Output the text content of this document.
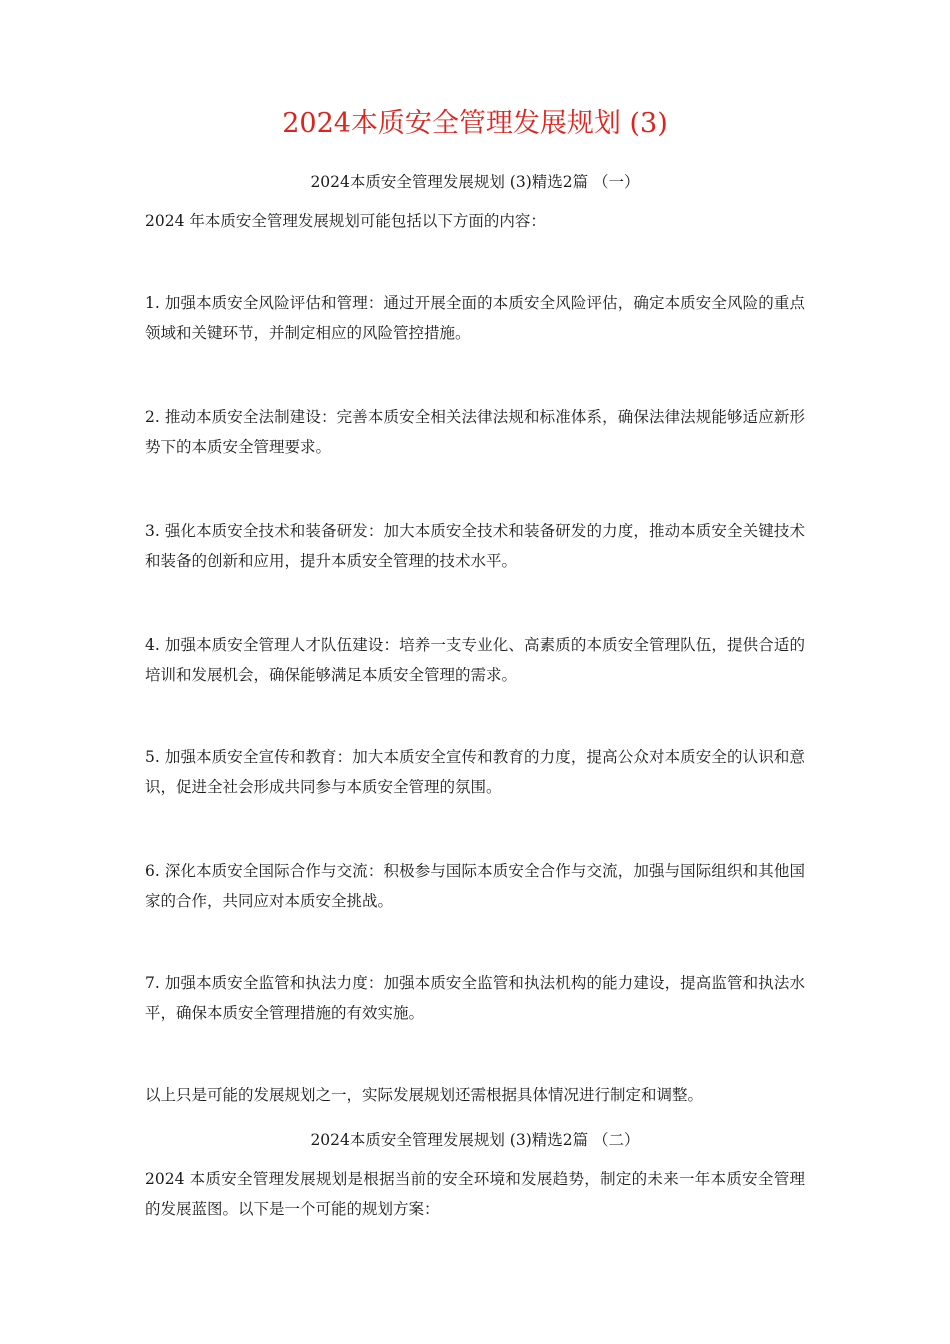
2024本质安全管理发展规划 (3)
2024本质安全管理发展规划 (3)精选2篇 （一）

2024 年本质安全管理发展规划可能包括以下方面的内容：

1. 加强本质安全风险评估和管理：通过开展全面的本质安全风险评估，确定本质安全风险的重点领域和关键环节，并制定相应的风险管控措施。

2. 推动本质安全法制建设：完善本质安全相关法律法规和标准体系，确保法律法规能够适应新形势下的本质安全管理要求。

3. 强化本质安全技术和装备研发：加大本质安全技术和装备研发的力度，推动本质安全关键技术和装备的创新和应用，提升本质安全管理的技术水平。

4. 加强本质安全管理人才队伍建设：培养一支专业化、高素质的本质安全管理队伍，提供合适的培训和发展机会，确保能够满足本质安全管理的需求。

5. 加强本质安全宣传和教育：加大本质安全宣传和教育的力度，提高公众对本质安全的认识和意识，促进全社会形成共同参与本质安全管理的氛围。

6. 深化本质安全国际合作与交流：积极参与国际本质安全合作与交流，加强与国际组织和其他国家的合作，共同应对本质安全挑战。

7. 加强本质安全监管和执法力度：加强本质安全监管和执法机构的能力建设，提高监管和执法水平，确保本质安全管理措施的有效实施。

以上只是可能的发展规划之一，实际发展规划还需根据具体情况进行制定和调整。

2024本质安全管理发展规划 (3)精选2篇 （二）

2024 本质安全管理发展规划是根据当前的安全环境和发展趋势，制定的未来一年本质安全管理的发展蓝图。以下是一个可能的规划方案：
